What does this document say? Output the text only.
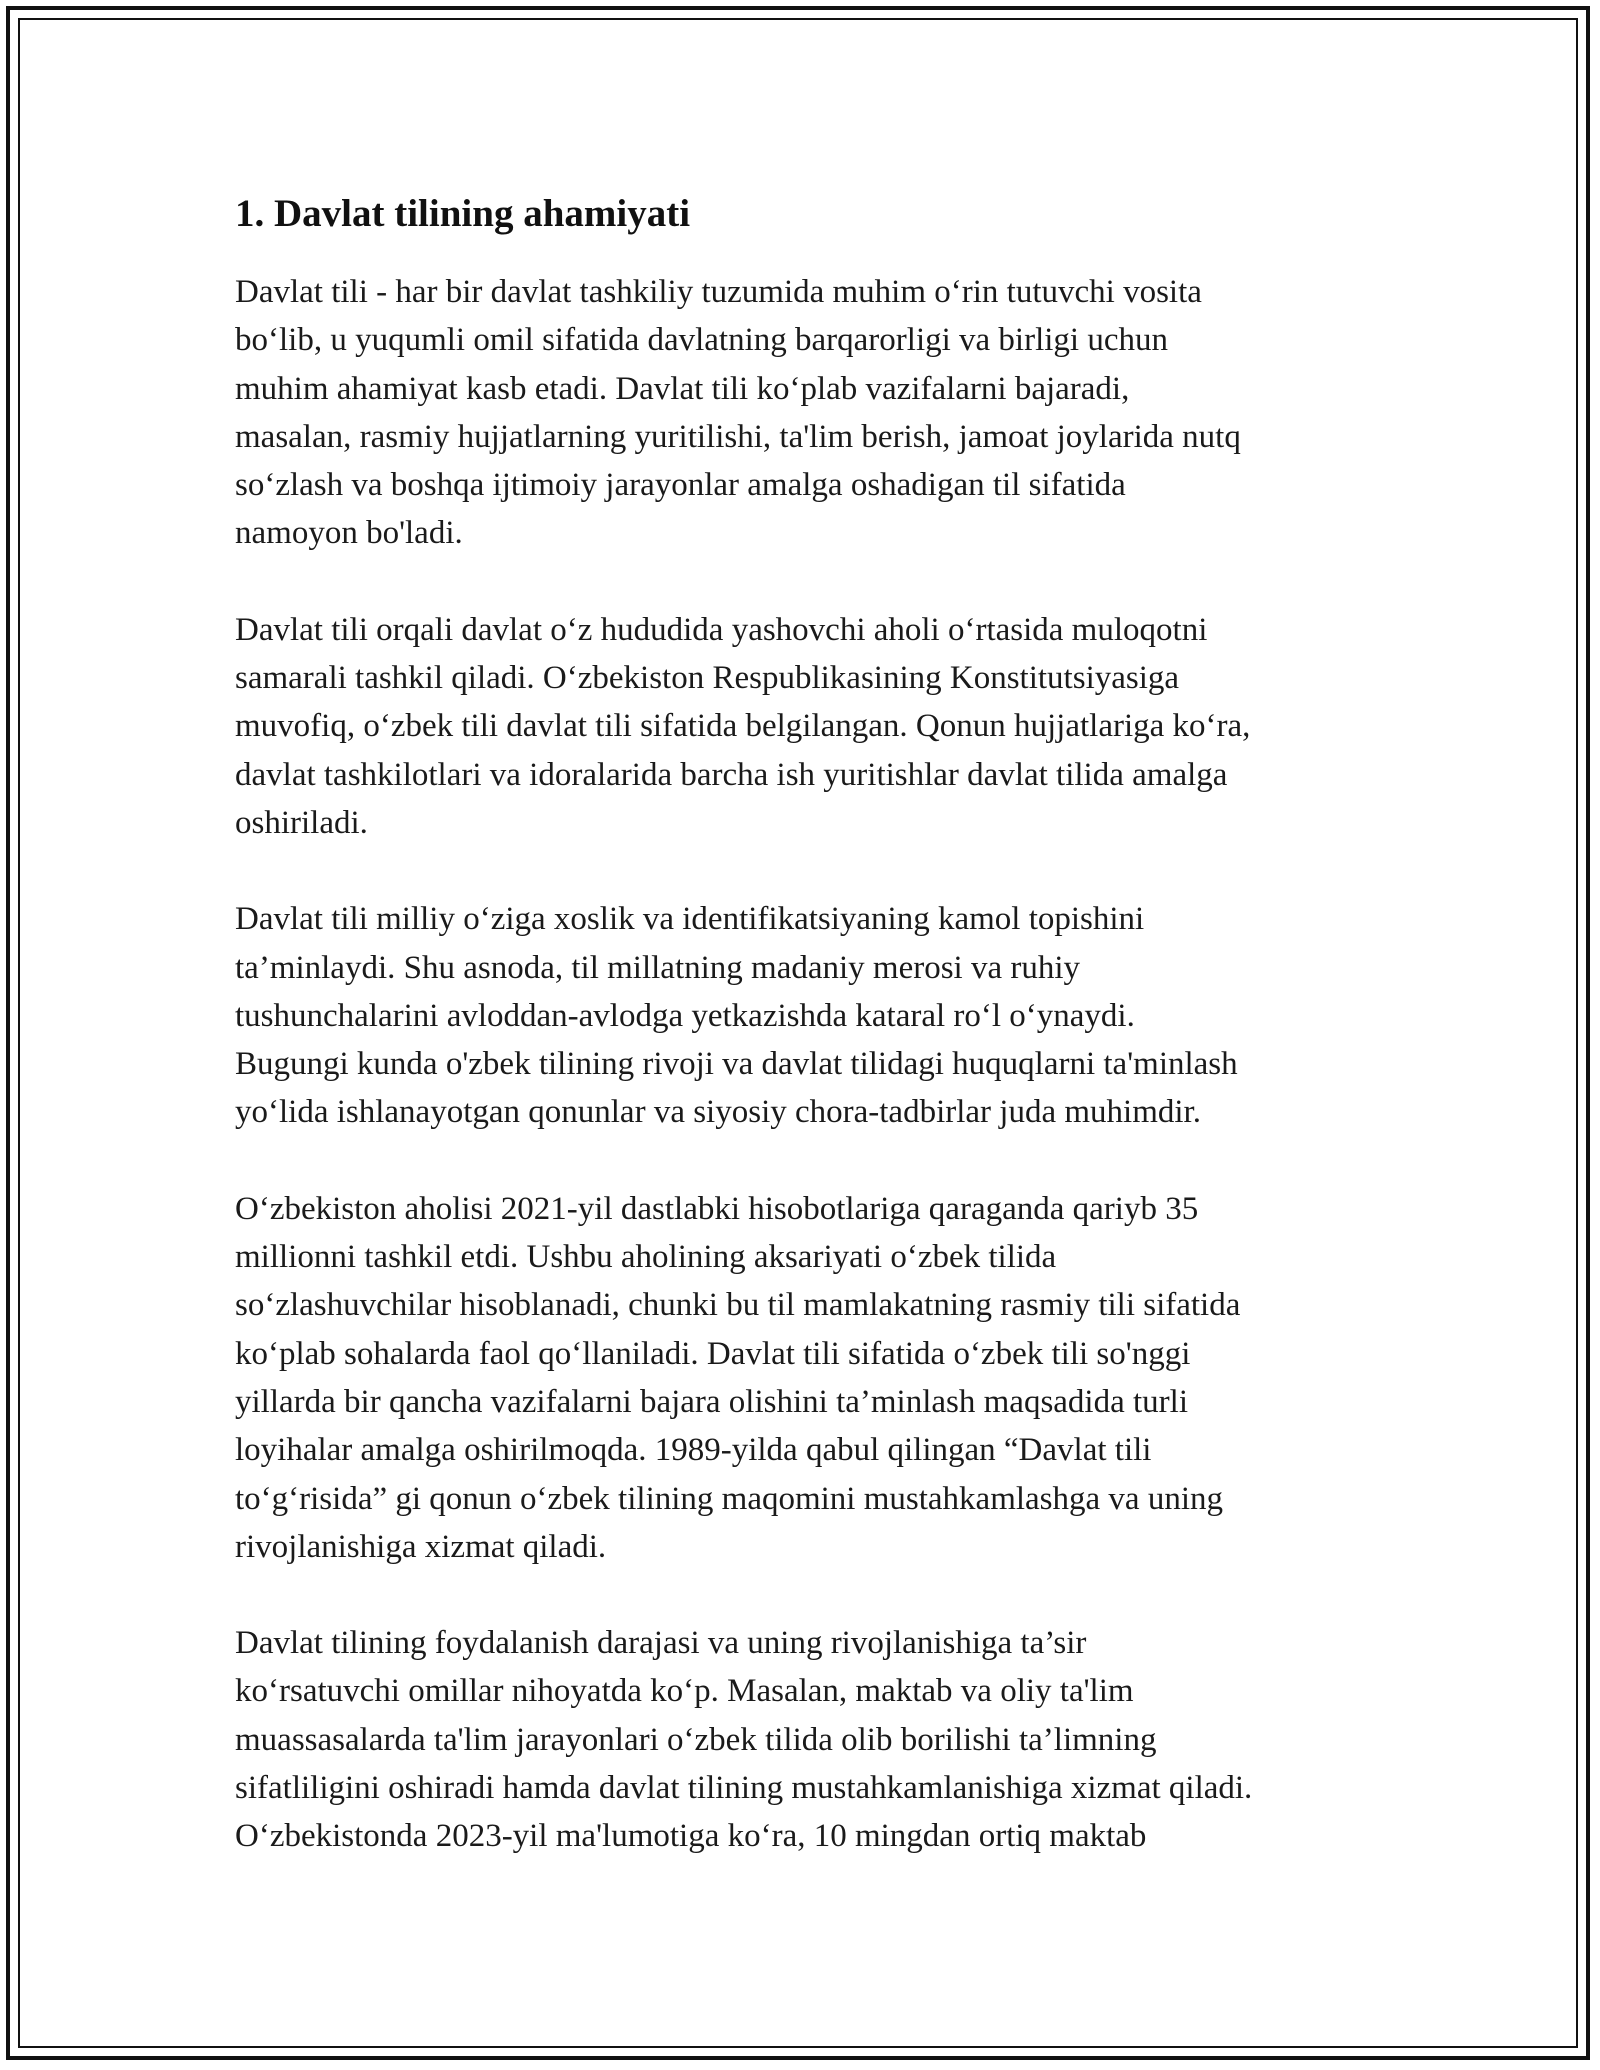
1. Davlat tilining ahamiyati

Davlat tili - har bir davlat tashkiliy tuzumida muhim o‘rin tutuvchi vosita
bo‘lib, u yuqumli omil sifatida davlatning barqarorligi va birligi uchun
muhim ahamiyat kasb etadi. Davlat tili ko‘plab vazifalarni bajaradi,
masalan, rasmiy hujjatlarning yuritilishi, ta'lim berish, jamoat joylarida nutq
so‘zlash va boshqa ijtimoiy jarayonlar amalga oshadigan til sifatida
namoyon bo'ladi.

Davlat tili orqali davlat o‘z hududida yashovchi aholi o‘rtasida muloqotni
samarali tashkil qiladi. O‘zbekiston Respublikasining Konstitutsiyasiga
muvofiq, o‘zbek tili davlat tili sifatida belgilangan. Qonun hujjatlariga ko‘ra,
davlat tashkilotlari va idoralarida barcha ish yuritishlar davlat tilida amalga
oshiriladi.

Davlat tili milliy o‘ziga xoslik va identifikatsiyaning kamol topishini
ta’minlaydi. Shu asnoda, til millatning madaniy merosi va ruhiy
tushunchalarini avloddan-avlodga yetkazishda kataral ro‘l o‘ynaydi.
Bugungi kunda o'zbek tilining rivoji va davlat tilidagi huquqlarni ta'minlash
yo‘lida ishlanayotgan qonunlar va siyosiy chora-tadbirlar juda muhimdir.

O‘zbekiston aholisi 2021-yil dastlabki hisobotlariga qaraganda qariyb 35
millionni tashkil etdi. Ushbu aholining aksariyati o‘zbek tilida
so‘zlashuvchilar hisoblanadi, chunki bu til mamlakatning rasmiy tili sifatida
ko‘plab sohalarda faol qo‘llaniladi. Davlat tili sifatida o‘zbek tili so'nggi
yillarda bir qancha vazifalarni bajara olishini ta’minlash maqsadida turli
loyihalar amalga oshirilmoqda. 1989-yilda qabul qilingan “Davlat tili
to‘g‘risida” gi qonun o‘zbek tilining maqomini mustahkamlashga va uning
rivojlanishiga xizmat qiladi.

Davlat tilining foydalanish darajasi va uning rivojlanishiga ta’sir
ko‘rsatuvchi omillar nihoyatda ko‘p. Masalan, maktab va oliy ta'lim
muassasalarda ta'lim jarayonlari o‘zbek tilida olib borilishi ta’limning
sifatliligini oshiradi hamda davlat tilining mustahkamlanishiga xizmat qiladi.
O‘zbekistonda 2023-yil ma'lumotiga ko‘ra, 10 mingdan ortiq maktab
